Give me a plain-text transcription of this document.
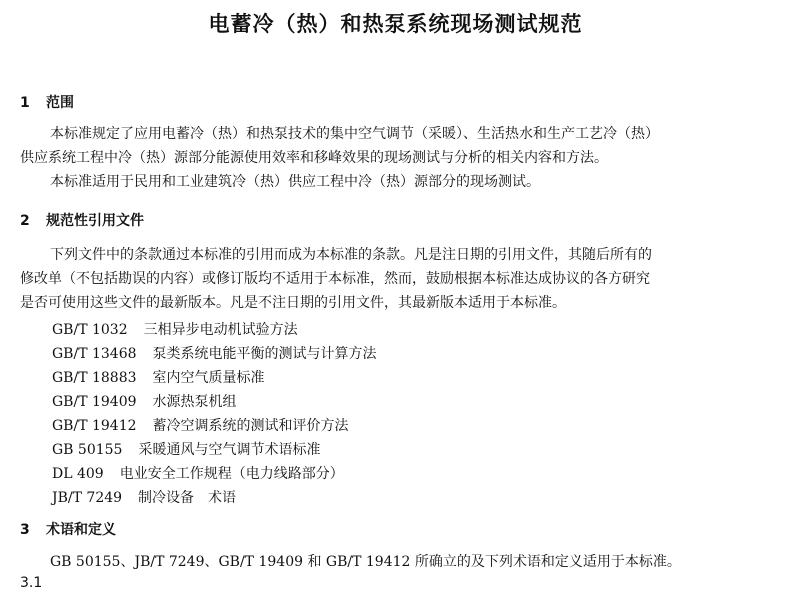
电蓄冷（热）和热泵系统现场测试规范
1 范围
本标准规定了应用电蓄冷（热）和热泵技术的集中空气调节（采暖）、生活热水和生产工艺冷（热）
供应系统工程中冷（热）源部分能源使用效率和移峰效果的现场测试与分析的相关内容和方法。
本标准适用于民用和工业建筑冷（热）供应工程中冷（热）源部分的现场测试。
2 规范性引用文件
下列文件中的条款通过本标准的引用而成为本标准的条款。凡是注日期的引用文件，其随后所有的
修改单（不包括勘误的内容）或修订版均不适用于本标准，然而，鼓励根据本标准达成协议的各方研究
是否可使用这些文件的最新版本。凡是不注日期的引用文件，其最新版本适用于本标准。
GB/T 1032 三相异步电动机试验方法
GB/T 13468 泵类系统电能平衡的测试与计算方法
GB/T 18883 室内空气质量标准
GB/T 19409 水源热泵机组
GB/T 19412 蓄冷空调系统的测试和评价方法
GB 50155 采暖通风与空气调节术语标准
DL 409 电业安全工作规程（电力线路部分）
JB/T 7249 制冷设备　术语
3 术语和定义
GB 50155、JB/T 7249、GB/T 19409 和 GB/T 19412 所确立的及下列术语和定义适用于本标准。
3.1
